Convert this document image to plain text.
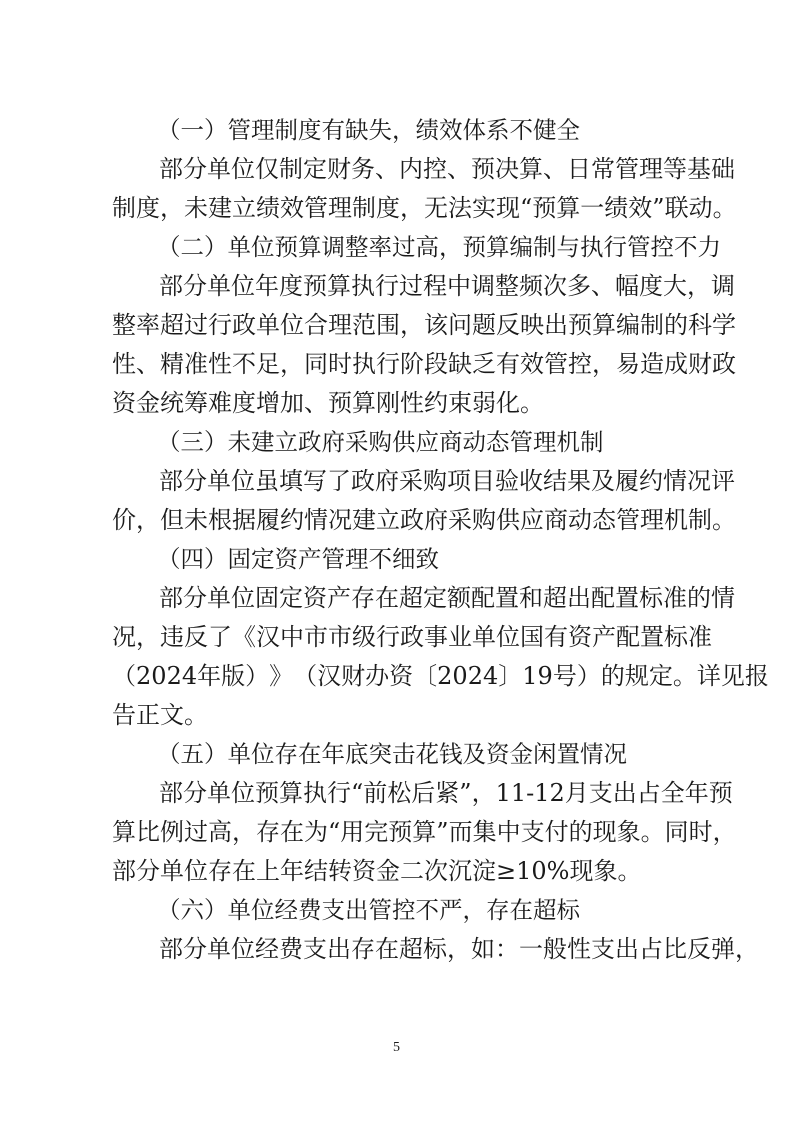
（一）管理制度有缺失，绩效体系不健全
部 分 单 位 仅 制 定 财 务 、 内 控 、 预 决 算 、 日 常 管 理 等 基 础
制 度 ， 未 建 立 绩 效 管 理 制 度 ， 无 法 实 现 “ 预 算 一 绩 效 ” 联 动 。
（二）单位预算调整率过高，预算编制与执行管控不力
部 分 单 位 年 度 预 算 执 行 过 程 中 调 整 频 次 多 、 幅 度 大 ， 调
整 率 超 过 行 政 单 位 合 理 范 围 ， 该 问 题 反 映 出 预 算 编 制 的 科 学
性 、 精 准 性 不 足 ， 同 时 执 行 阶 段 缺 乏 有 效 管 控 ， 易 造 成 财 政
资金统筹难度增加、预算刚性约束弱化。
（三）未建立政府采购供应商动态管理机制
部 分 单 位 虽 填 写 了 政 府 采 购 项 目 验 收 结 果 及 履 约 情 况 评
价 ， 但 未 根 据 履 约 情 况 建 立 政 府 采 购 供 应 商 动 态 管 理 机 制 。
（四）固定资产管理不细致
部 分 单 位 固 定 资 产 存 在 超 定 额 配 置 和 超 出 配 置 标 准 的 情
况 ， 违 反 了 《 汉 中 市 市 级 行 政 事 业 单 位 国 有 资 产 配 置 标 准
（ 2 0 2 4 年 版 ） 》 （ 汉 财 办 资 〔 2 0 2 4 〕 1 9 号 ） 的 规 定 。 详 见 报
告正文。
（五）单位存在年底突击花钱及资金闲置情况
部 分 单 位 预 算 执 行 “ 前 松 后 紧 ” ， 1 1 - 1 2 月 支 出 占 全 年 预
算 比 例 过 高 ， 存 在 为 “ 用 完 预 算 ” 而 集 中 支 付 的 现 象 。 同 时 ，
部分单位存在上年结转资金二次沉淀≥10%现象。
（六）单位经费支出管控不严，存在超标
部 分 单 位 经 费 支 出 存 在 超 标 ， 如 ： 一 般 性 支 出 占 比 反 弹 ，
5
